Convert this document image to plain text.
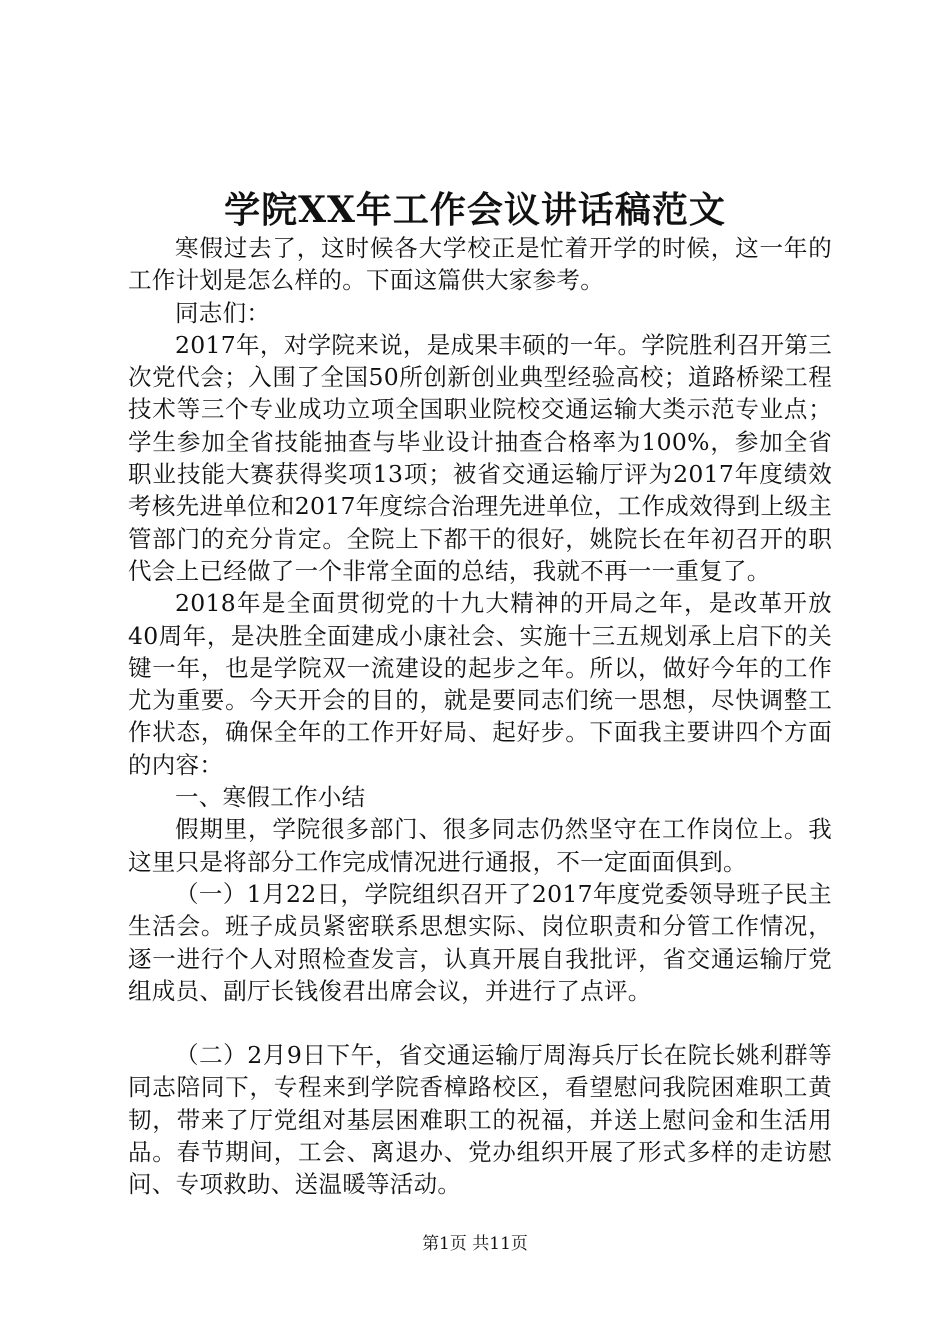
学院XX年工作会议讲话稿范文

寒假过去了，这时候各大学校正是忙着开学的时候，这一年的工作计划是怎么样的。下面这篇供大家参考。

同志们：

2017年，对学院来说，是成果丰硕的一年。学院胜利召开第三次党代会；入围了全国50所创新创业典型经验高校；道路桥梁工程技术等三个专业成功立项全国职业院校交通运输大类示范专业点；学生参加全省技能抽查与毕业设计抽查合格率为100%，参加全省职业技能大赛获得奖项13项；被省交通运输厅评为2017年度绩效考核先进单位和2017年度综合治理先进单位，工作成效得到上级主管部门的充分肯定。全院上下都干的很好，姚院长在年初召开的职代会上已经做了一个非常全面的总结，我就不再一一重复了。

2018年是全面贯彻党的十九大精神的开局之年，是改革开放40周年，是决胜全面建成小康社会、实施十三五规划承上启下的关键一年，也是学院双一流建设的起步之年。所以，做好今年的工作尤为重要。今天开会的目的，就是要同志们统一思想，尽快调整工作状态，确保全年的工作开好局、起好步。下面我主要讲四个方面的内容：

一、寒假工作小结

假期里，学院很多部门、很多同志仍然坚守在工作岗位上。我这里只是将部分工作完成情况进行通报，不一定面面俱到。

（一）1月22日，学院组织召开了2017年度党委领导班子民主生活会。班子成员紧密联系思想实际、岗位职责和分管工作情况，逐一进行个人对照检查发言，认真开展自我批评，省交通运输厅党组成员、副厅长钱俊君出席会议，并进行了点评。

（二）2月9日下午，省交通运输厅周海兵厅长在院长姚利群等同志陪同下，专程来到学院香樟路校区，看望慰问我院困难职工黄韧，带来了厅党组对基层困难职工的祝福，并送上慰问金和生活用品。春节期间，工会、离退办、党办组织开展了形式多样的走访慰问、专项救助、送温暖等活动。

第1页 共11页
